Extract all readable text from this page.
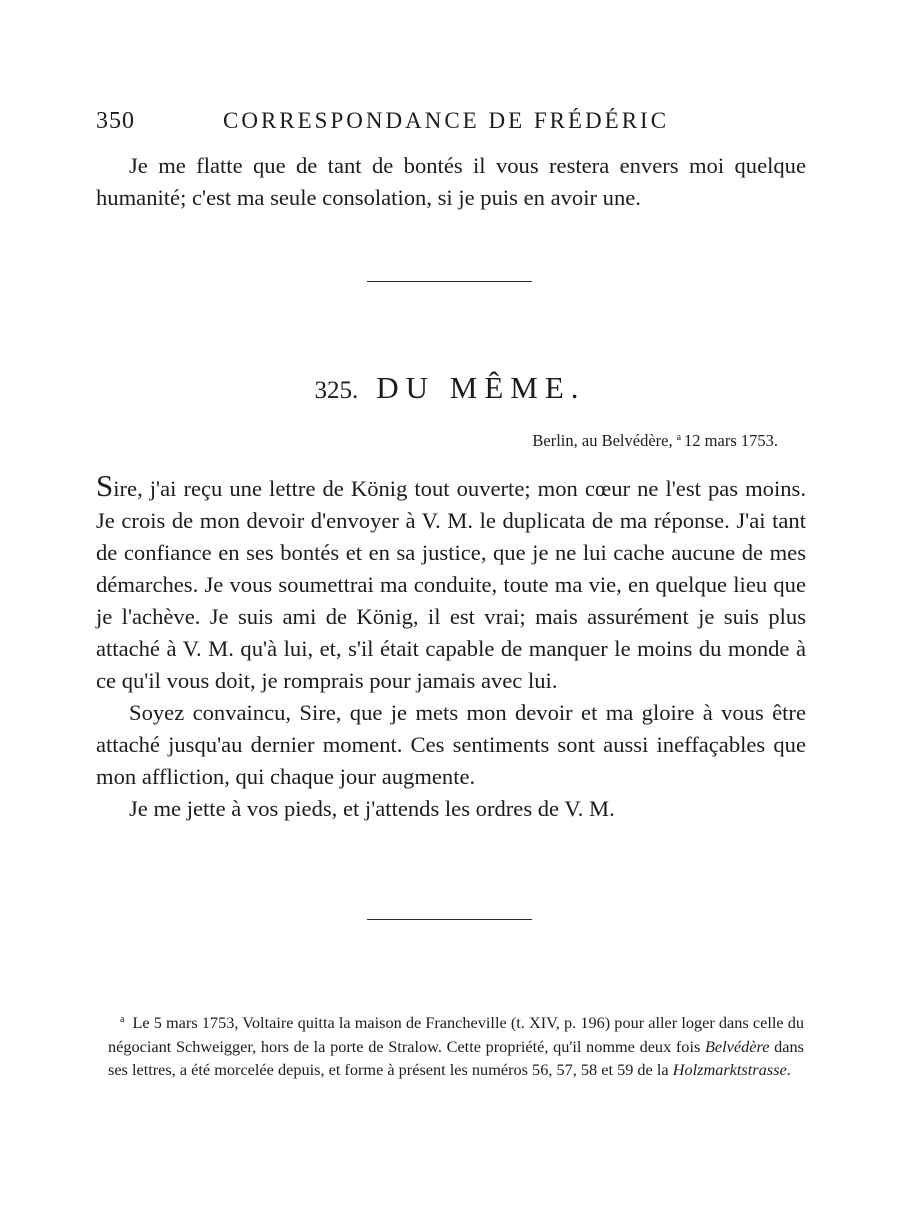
350	CORRESPONDANCE DE FRÉDÉRIC

Je me flatte que de tant de bontés il vous restera envers moi quelque humanité; c'est ma seule consolation, si je puis en avoir une.

325. DU MÊME.
Berlin, au Belvédère, $^a$ 12 mars 1753.

Sire, j'ai reçu une lettre de König tout ouverte; mon cœur ne l'est pas moins. Je crois de mon devoir d'envoyer à V. M. le duplicata de ma réponse. J'ai tant de confiance en ses bontés et en sa justice, que je ne lui cache aucune de mes démarches. Je vous soumettrai ma conduite, toute ma vie, en quelque lieu que je l'achève. Je suis ami de König, il est vrai; mais assurément je suis plus attaché à V. M. qu'à lui, et, s'il était capable de manquer le moins du monde à ce qu'il vous doit, je romprais pour jamais avec lui.

Soyez convaincu, Sire, que je mets mon devoir et ma gloire à vous être attaché jusqu'au dernier moment. Ces sentiments sont aussi ineffaçables que mon affliction, qui chaque jour augmente.

Je me jette à vos pieds, et j'attends les ordres de V. M.

$^a$ Le 5 mars 1753, Voltaire quitta la maison de Francheville (t. XIV, p. 196) pour aller loger dans celle du négociant Schweigger, hors de la porte de Stralow. Cette propriété, qu'il nomme deux fois Belvédère dans ses lettres, a été morcelée depuis, et forme à présent les numéros 56, 57, 58 et 59 de la Holzmarktstrasse.
